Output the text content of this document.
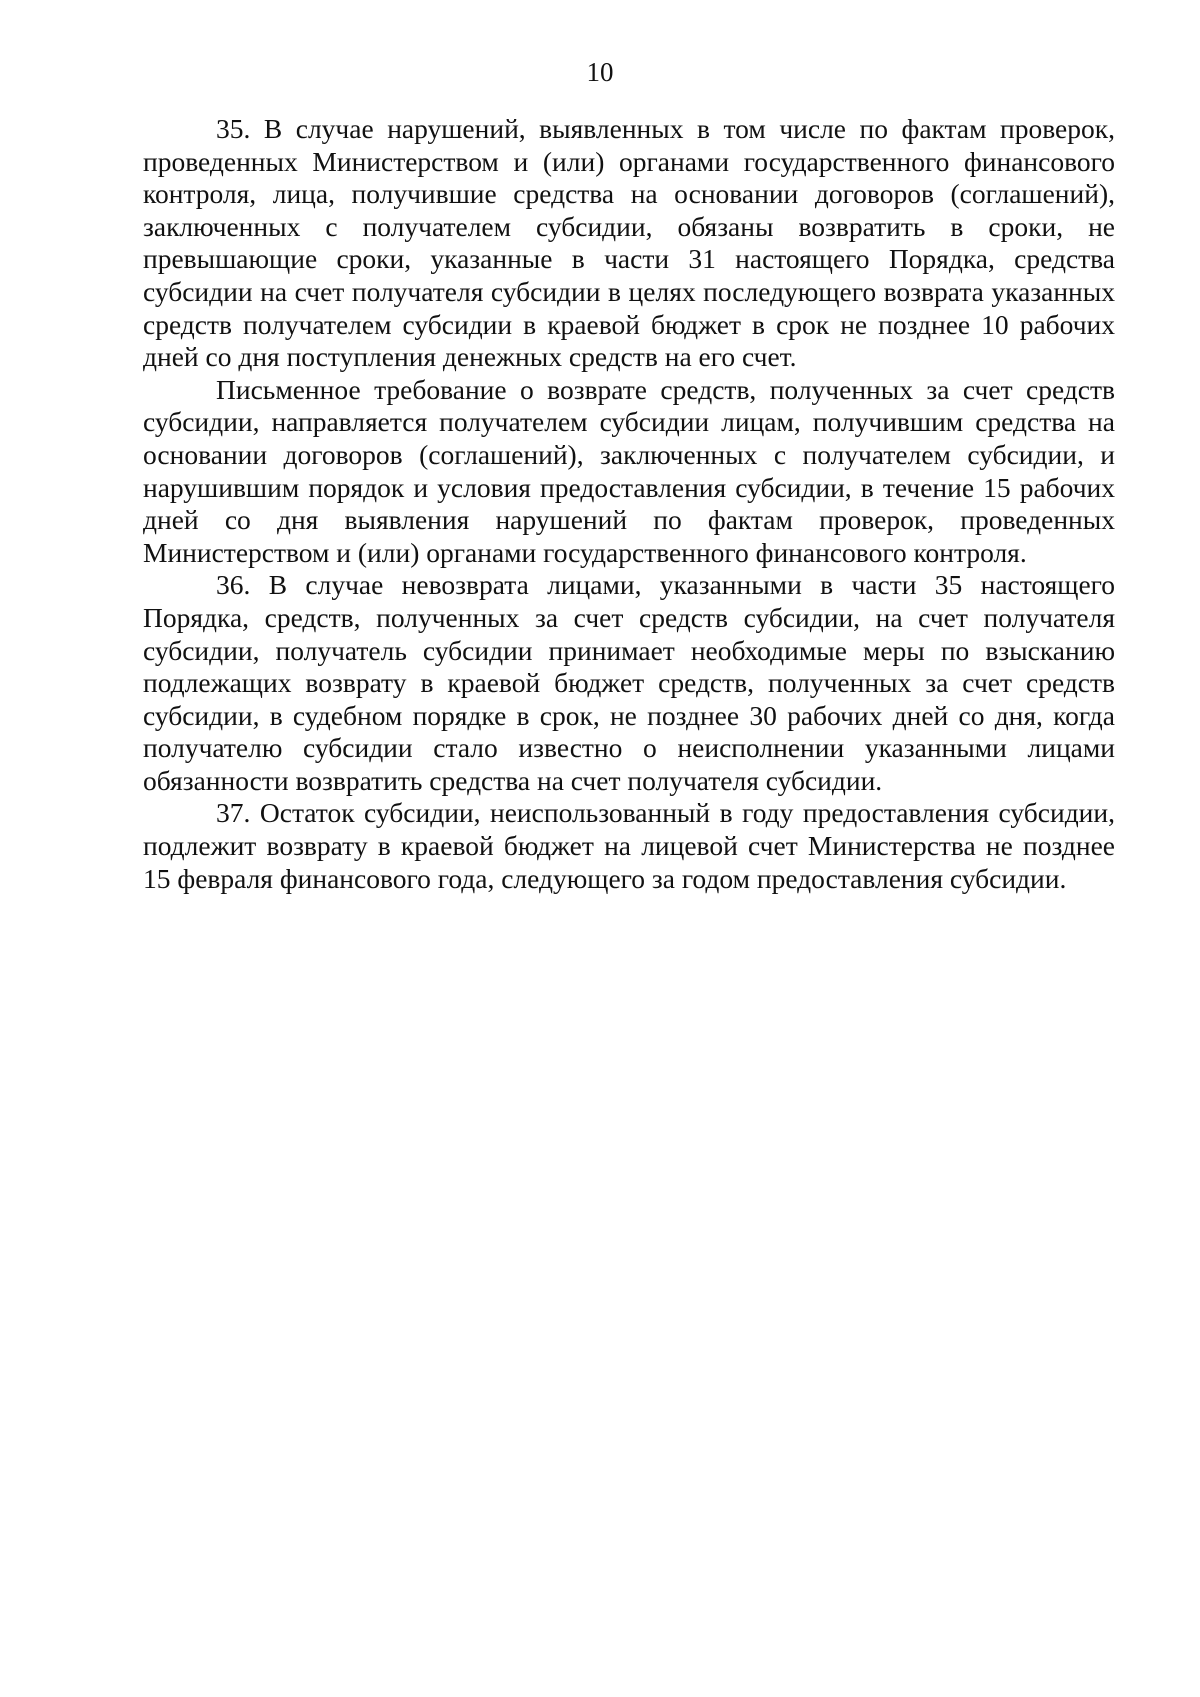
10

35. В случае нарушений, выявленных в том числе по фактам проверок, проведенных Министерством и (или) органами государственного финансового контроля, лица, получившие средства на основании договоров (соглашений), заключенных с получателем субсидии, обязаны возвратить в сроки, не превышающие сроки, указанные в части 31 настоящего Порядка, средства субсидии на счет получателя субсидии в целях последующего возврата указанных средств получателем субсидии в краевой бюджет в срок не позднее 10 рабочих дней со дня поступления денежных средств на его счет.

Письменное требование о возврате средств, полученных за счет средств субсидии, направляется получателем субсидии лицам, получившим средства на основании договоров (соглашений), заключенных с получателем субсидии, и нарушившим порядок и условия предоставления субсидии, в течение 15 рабочих дней со дня выявления нарушений по фактам проверок, проведенных Министерством и (или) органами государственного финансового контроля.

36. В случае невозврата лицами, указанными в части 35 настоящего Порядка, средств, полученных за счет средств субсидии, на счет получателя субсидии, получатель субсидии принимает необходимые меры по взысканию подлежащих возврату в краевой бюджет средств, полученных за счет средств субсидии, в судебном порядке в срок, не позднее 30 рабочих дней со дня, когда получателю субсидии стало известно о неисполнении указанными лицами обязанности возвратить средства на счет получателя субсидии.

37. Остаток субсидии, неиспользованный в году предоставления субсидии, подлежит возврату в краевой бюджет на лицевой счет Министерства не позднее 15 февраля финансового года, следующего за годом предоставления субсидии.
